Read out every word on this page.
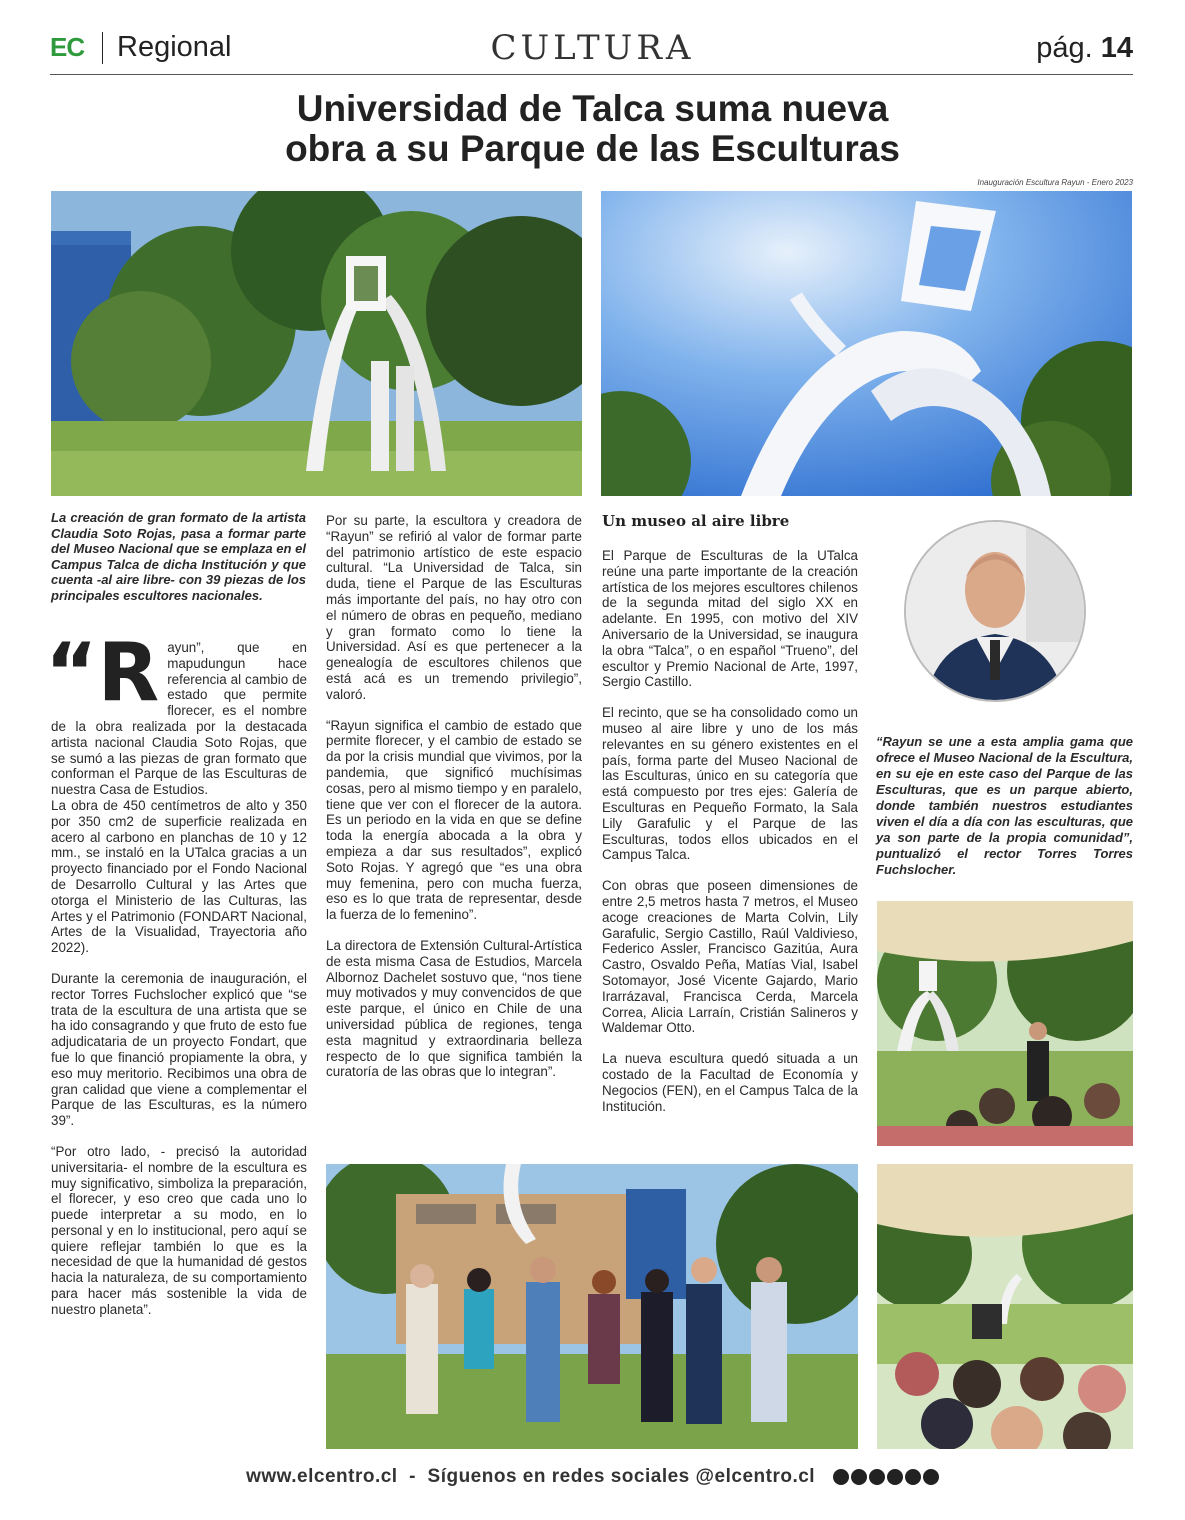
EC Regional	CULTURA	pág. 14
Universidad de Talca suma nueva
obra a su Parque de las Esculturas
Inauguración Escultura Rayun - Enero 2023
La creación de gran formato de la artista Claudia Soto Rojas, pasa a formar parte del Museo Nacional que se emplaza en el Campus Talca de dicha Institución y que cuenta -al aire libre- con 39 piezas de los principales escultores nacionales.

“Rayun”, que en mapudungun hace referencia al cambio de estado que permite florecer, es el nombre de la obra realizada por la destacada artista nacional Claudia Soto Rojas, que se sumó a las piezas de gran formato que conforman el Parque de las Esculturas de nuestra Casa de Estudios.

La obra de 450 centímetros de alto y 350 por 350 cm2 de superficie realizada en acero al carbono en planchas de 10 y 12 mm., se instaló en la UTalca gracias a un proyecto financiado por el Fondo Nacional de Desarrollo Cultural y las Artes que otorga el Ministerio de las Culturas, las Artes y el Patrimonio (FONDART Nacional, Artes de la Visualidad, Trayectoria año 2022).

Durante la ceremonia de inauguración, el rector Torres Fuchslocher explicó que “se trata de la escultura de una artista que se ha ido consagrando y que fruto de esto fue adjudicataria de un proyecto Fondart, que fue lo que financió propiamente la obra, y eso muy meritorio. Recibimos una obra de gran calidad que viene a complementar el Parque de las Esculturas, es la número 39”.

“Por otro lado, - precisó la autoridad universitaria- el nombre de la escultura es muy significativo, simboliza la preparación, el florecer, y eso creo que cada uno lo puede interpretar a su modo, en lo personal y en lo institucional, pero aquí se quiere reflejar también lo que es la necesidad de que la humanidad dé gestos hacia la naturaleza, de su comportamiento para hacer más sostenible la vida de nuestro planeta”.

Por su parte, la escultora y creadora de “Rayun” se refirió al valor de formar parte del patrimonio artístico de este espacio cultural. “La Universidad de Talca, sin duda, tiene el Parque de las Esculturas más importante del país, no hay otro con el número de obras en pequeño, mediano y gran formato como lo tiene la Universidad. Así es que pertenecer a la genealogía de escultores chilenos que está acá es un tremendo privilegio”, valoró.

“Rayun significa el cambio de estado que permite florecer, y el cambio de estado se da por la crisis mundial que vivimos, por la pandemia, que significó muchísimas cosas, pero al mismo tiempo y en paralelo, tiene que ver con el florecer de la autora. Es un periodo en la vida en que se define toda la energía abocada a la obra y empieza a dar sus resultados”, explicó Soto Rojas. Y agregó que “es una obra muy femenina, pero con mucha fuerza, eso es lo que trata de representar, desde la fuerza de lo femenino”.

La directora de Extensión Cultural-Artística de esta misma Casa de Estudios, Marcela Albornoz Dachelet sostuvo que, “nos tiene muy motivados y muy convencidos de que este parque, el único en Chile de una universidad pública de regiones, tenga esta magnitud y extraordinaria belleza respecto de lo que significa también la curatoría de las obras que lo integran”.

Un museo al aire libre

El Parque de Esculturas de la UTalca reúne una parte importante de la creación artística de los mejores escultores chilenos de la segunda mitad del siglo XX en adelante. En 1995, con motivo del XIV Aniversario de la Universidad, se inaugura la obra “Talca”, o en español “Trueno”, del escultor y Premio Nacional de Arte, 1997, Sergio Castillo.

El recinto, que se ha consolidado como un museo al aire libre y uno de los más relevantes en su género existentes en el país, forma parte del Museo Nacional de las Esculturas, único en su categoría que está compuesto por tres ejes: Galería de Esculturas en Pequeño Formato, la Sala Lily Garafulic y el Parque de las Esculturas, todos ellos ubicados en el Campus Talca.

Con obras que poseen dimensiones de entre 2,5 metros hasta 7 metros, el Museo acoge creaciones de Marta Colvin, Lily Garafulic, Sergio Castillo, Raúl Valdivieso, Federico Assler, Francisco Gazitúa, Aura Castro, Osvaldo Peña, Matías Vial, Isabel Sotomayor, José Vicente Gajardo, Mario Irarrázaval, Francisca Cerda, Marcela Correa, Alicia Larraín, Cristián Salineros y Waldemar Otto.

La nueva escultura quedó situada a un costado de la Facultad de Economía y Negocios (FEN), en el Campus Talca de la Institución.

“Rayun se une a esta amplia gama que ofrece el Museo Nacional de la Escultura, en su eje en este caso del Parque de las Esculturas, que es un parque abierto, donde también nuestros estudiantes viven el día a día con las esculturas, que ya son parte de la propia comunidad”, puntualizó el rector Torres Torres Fuchslocher.
www.elcentro.cl  -  Síguenos en redes sociales @elcentro.cl
